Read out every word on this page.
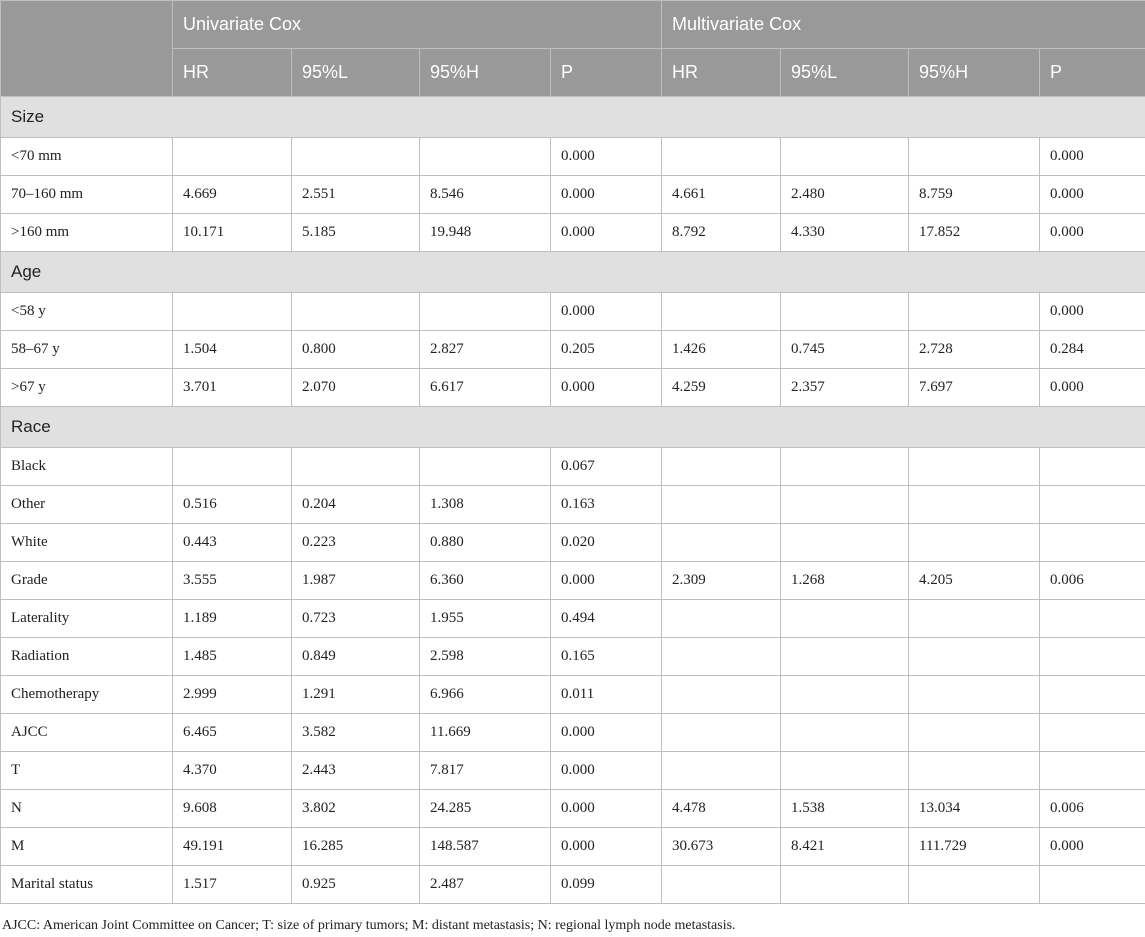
	Univariate Cox				Multivariate Cox			
	HR	95%L	95%H	P	HR	95%L	95%H	P
Size								
<70 mm				0.000				0.000
70–160 mm	4.669	2.551	8.546	0.000	4.661	2.480	8.759	0.000
>160 mm	10.171	5.185	19.948	0.000	8.792	4.330	17.852	0.000
Age								
<58 y				0.000				0.000
58–67 y	1.504	0.800	2.827	0.205	1.426	0.745	2.728	0.284
>67 y	3.701	2.070	6.617	0.000	4.259	2.357	7.697	0.000
Race								
Black				0.067				
Other	0.516	0.204	1.308	0.163				
White	0.443	0.223	0.880	0.020				
Grade	3.555	1.987	6.360	0.000	2.309	1.268	4.205	0.006
Laterality	1.189	0.723	1.955	0.494				
Radiation	1.485	0.849	2.598	0.165				
Chemotherapy	2.999	1.291	6.966	0.011				
AJCC	6.465	3.582	11.669	0.000				
T	4.370	2.443	7.817	0.000				
N	9.608	3.802	24.285	0.000	4.478	1.538	13.034	0.006
M	49.191	16.285	148.587	0.000	30.673	8.421	111.729	0.000
Marital status	1.517	0.925	2.487	0.099				
AJCC: American Joint Committee on Cancer; T: size of primary tumors; M: distant metastasis; N: regional lymph node metastasis.
